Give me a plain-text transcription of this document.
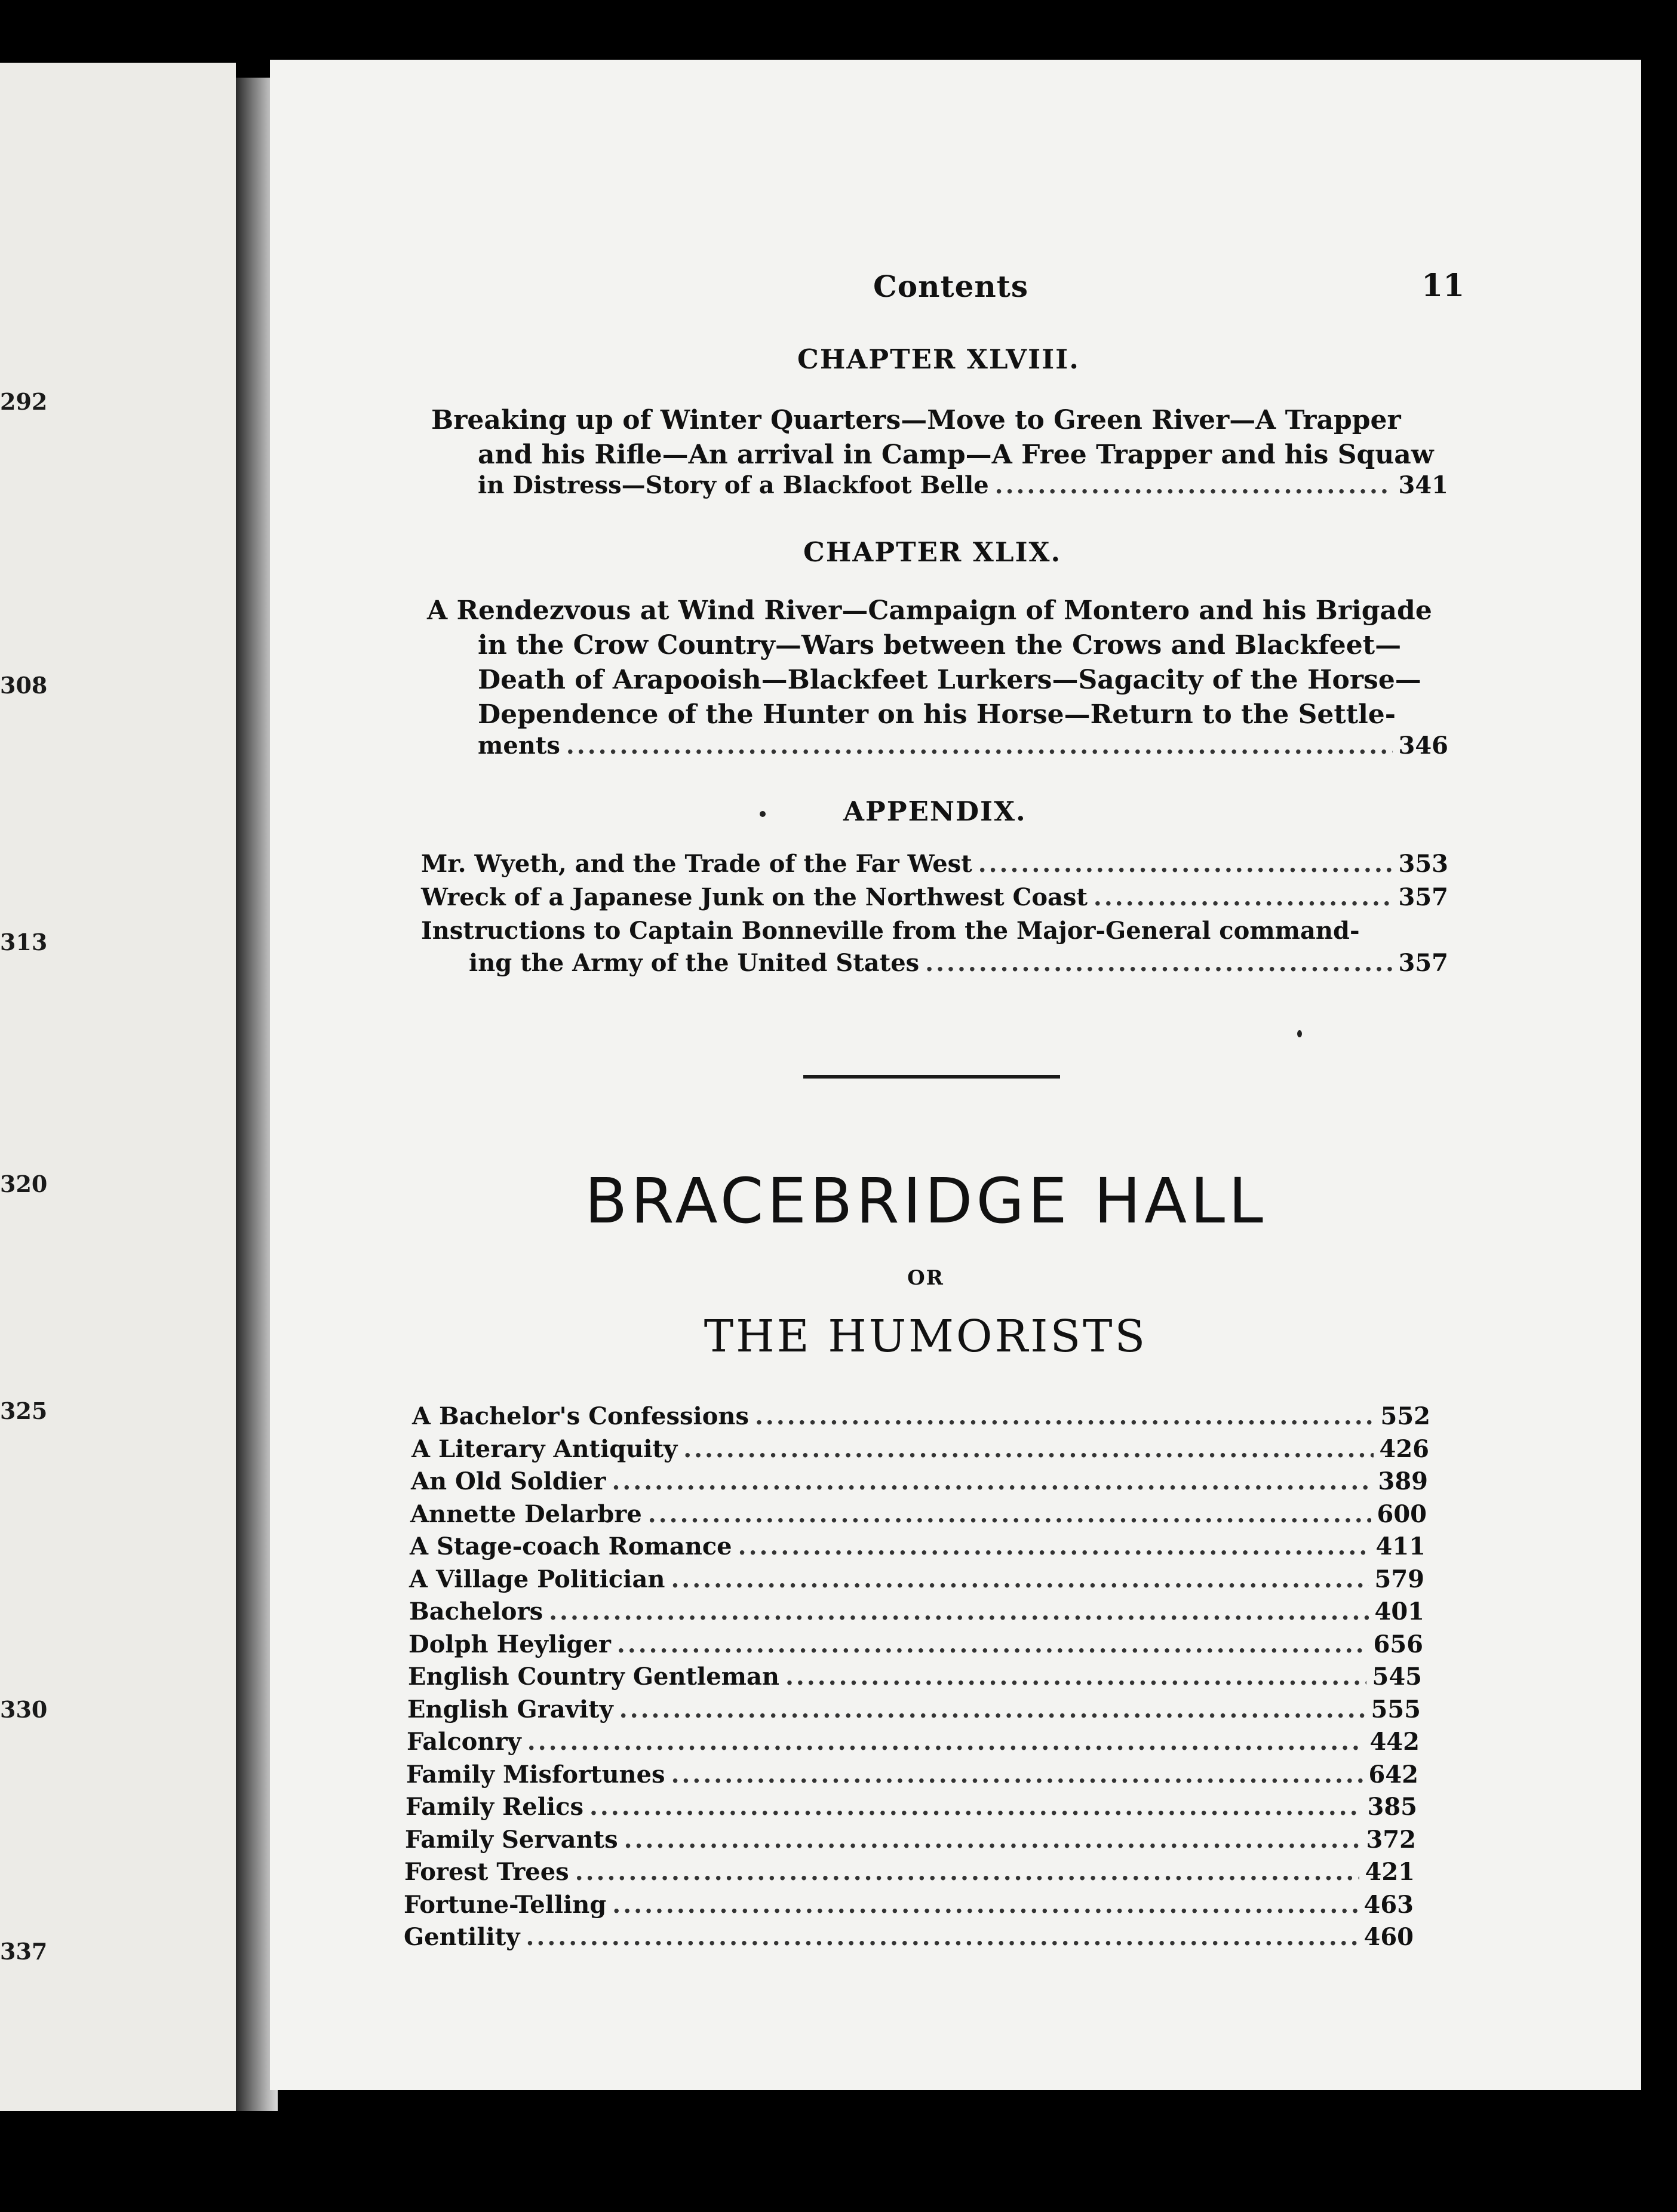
292
308
313
320
325
330
337
Contents	11
CHAPTER XLVIII.
Breaking up of Winter Quarters—Move to Green River—A Trapper
and his Rifle—An arrival in Camp—A Free Trapper and his Squaw
in Distress—Story of a Blackfoot Belle .....	341
CHAPTER XLIX.
A Rendezvous at Wind River—Campaign of Montero and his Brigade
in the Crow Country—Wars between the Crows and Blackfeet—
Death of Arapooish—Blackfeet Lurkers—Sagacity of the Horse—
Dependence of the Hunter on his Horse—Return to the Settle-
ments .....	346
APPENDIX.
Mr. Wyeth, and the Trade of the Far West .....	353
Wreck of a Japanese Junk on the Northwest Coast .....	357
Instructions to Captain Bonneville from the Major-General command-
ing the Army of the United States .....	357
BRACEBRIDGE HALL
OR
THE HUMORISTS
A Bachelor's Confessions .....	552
A Literary Antiquity .....	426
An Old Soldier .....	389
Annette Delarbre .....	600
A Stage-coach Romance .....	411
A Village Politician .....	579
Bachelors .....	401
Dolph Heyliger .....	656
English Country Gentleman .....	545
English Gravity .....	555
Falconry .....	442
Family Misfortunes .....	642
Family Relics .....	385
Family Servants .....	372
Forest Trees .....	421
Fortune-Telling .....	463
Gentility .....	460
